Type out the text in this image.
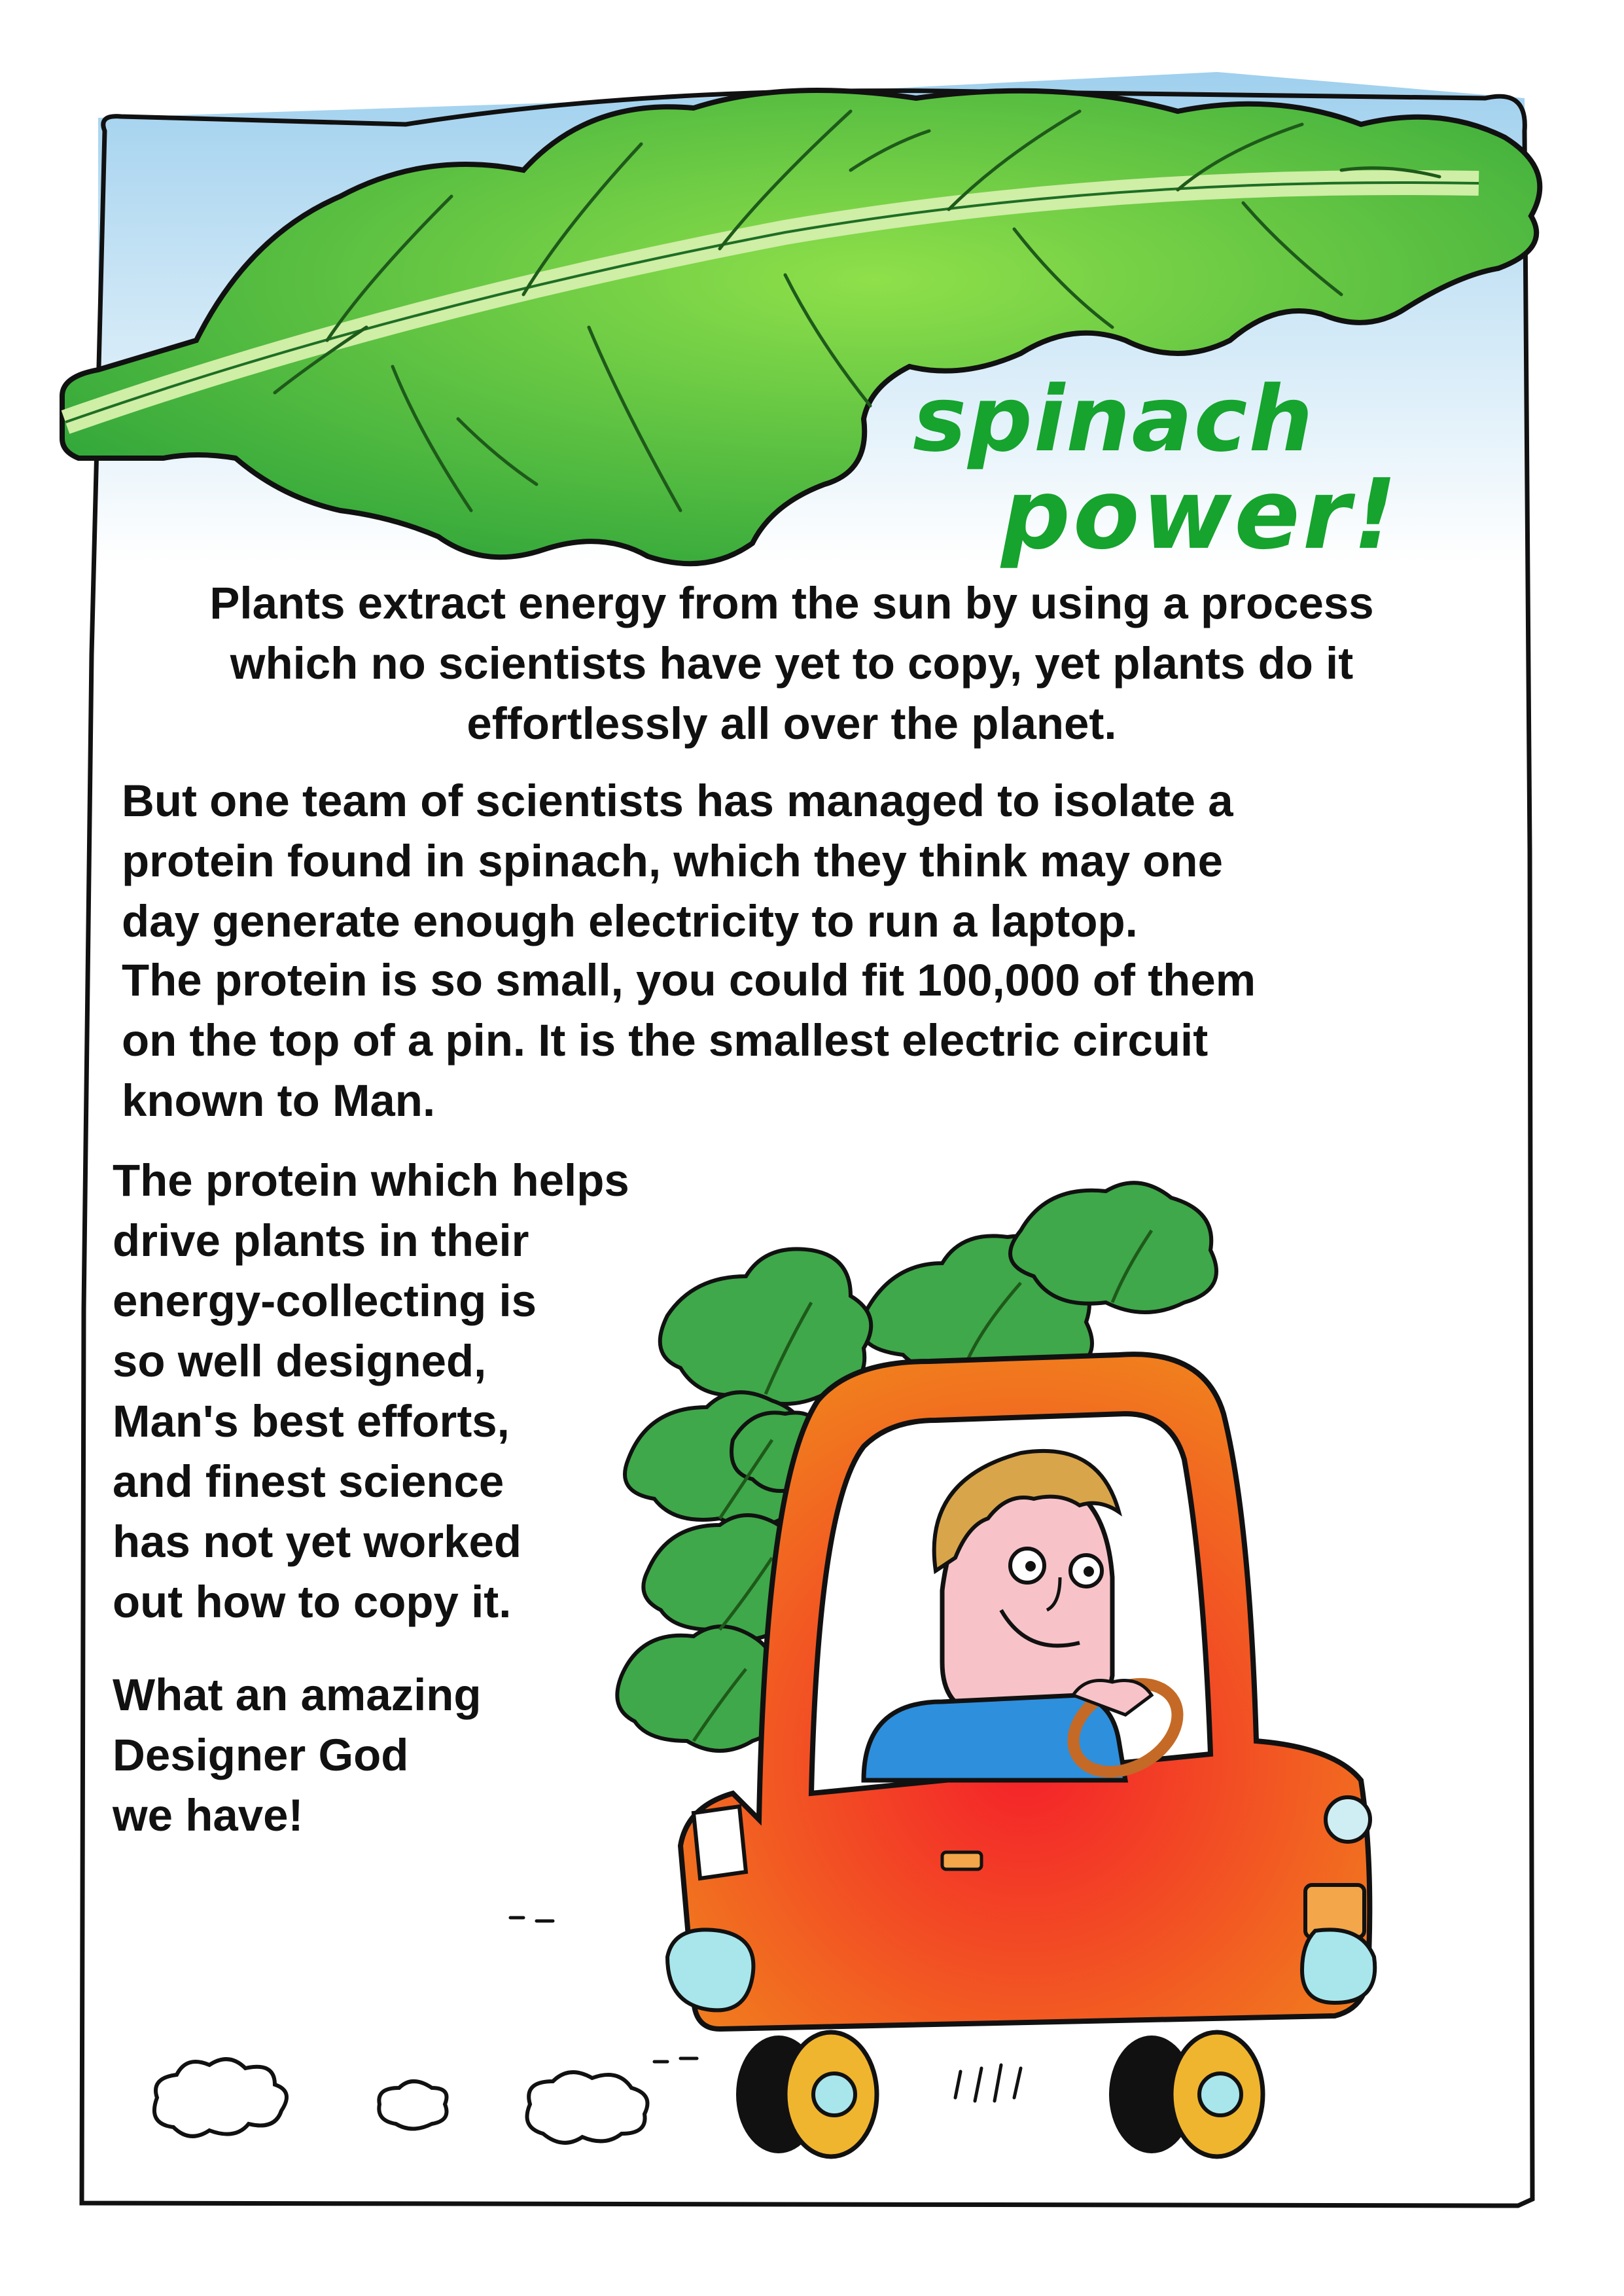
spinach
power!

Plants extract energy from the sun by using a process
which no scientists have yet to copy, yet plants do it
effortlessly all over the planet.

But one team of scientists has managed to isolate a
protein found in spinach, which they think may one
day generate enough electricity to run a laptop.

The protein is so small, you could fit 100,000 of them
on the top of a pin. It is the smallest electric circuit
known to Man.

The protein which helps
drive plants in their
energy-collecting is
so well designed,
Man's best efforts,
and finest science
has not yet worked
out how to copy it.

What an amazing
Designer God
we have!
